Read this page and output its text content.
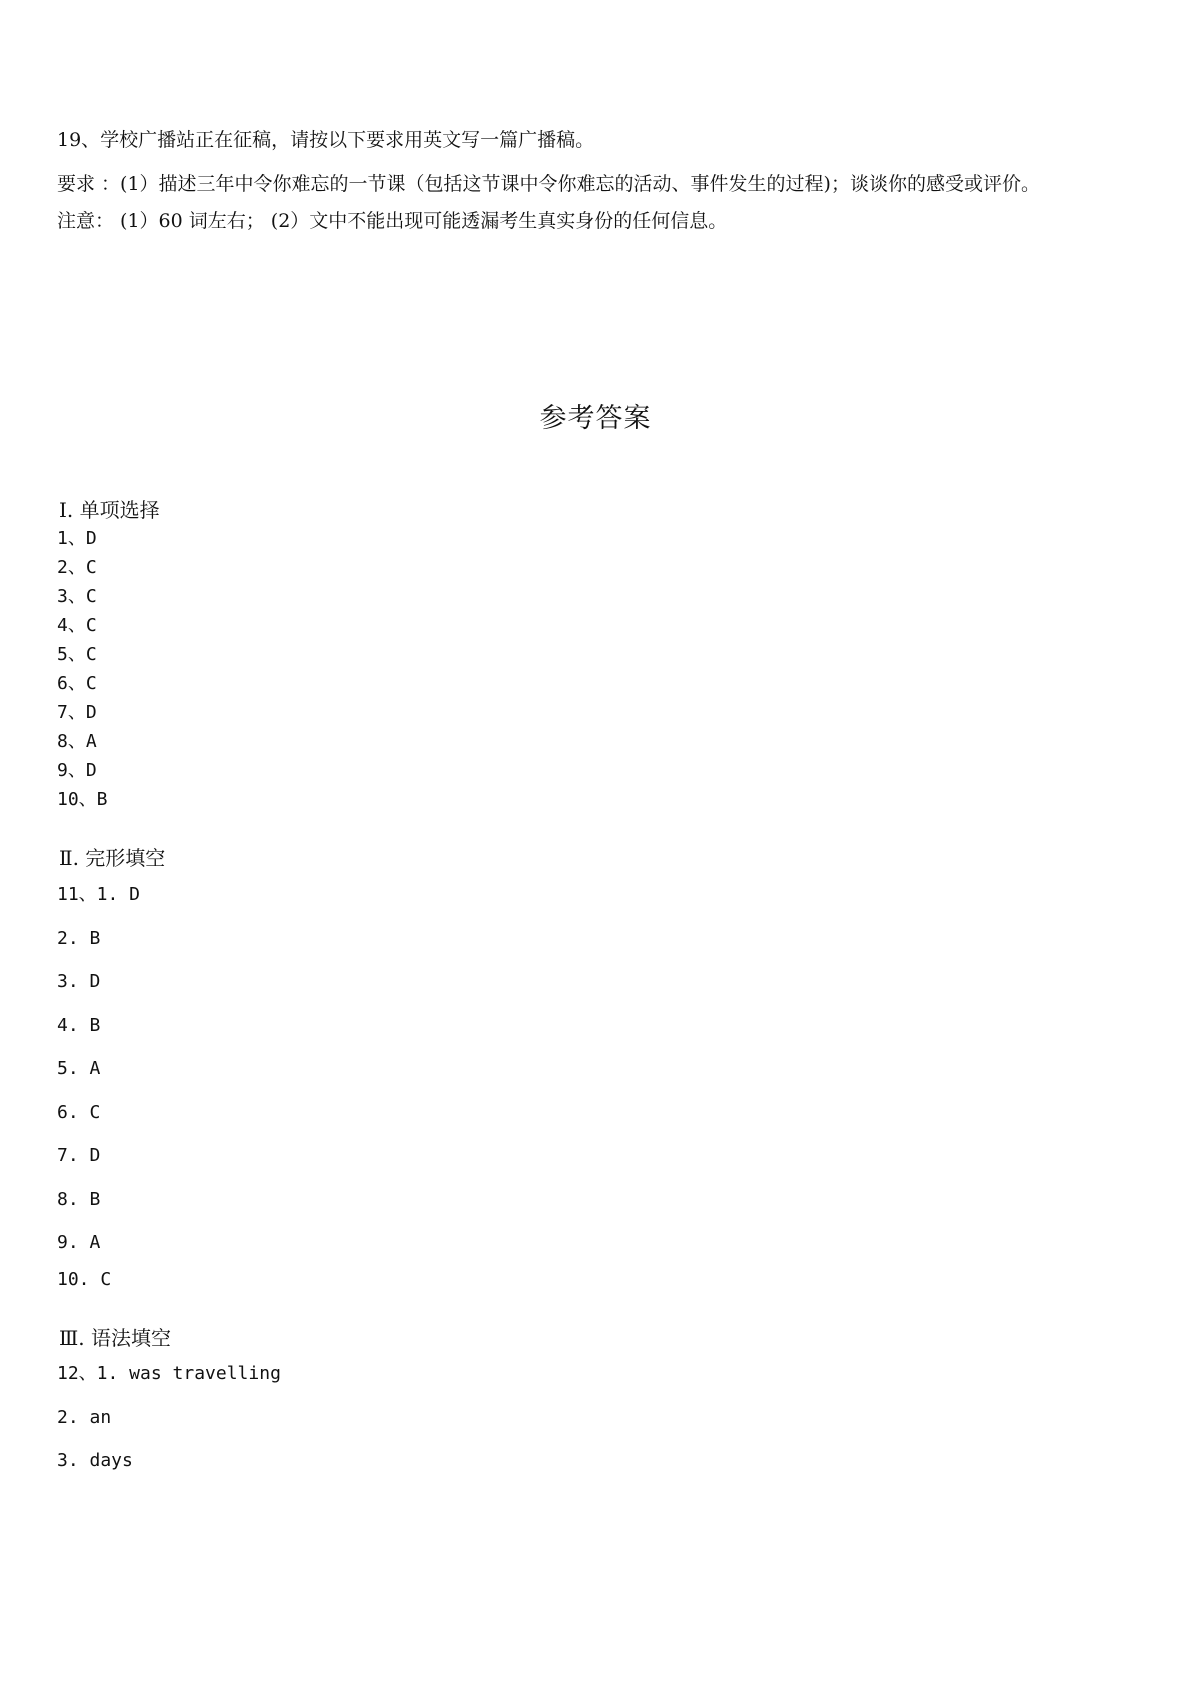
19、学校广播站正在征稿，请按以下要求用英文写一篇广播稿。
要求 ：(1）描述三年中令你难忘的一节课（包括这节课中令你难忘的活动、事件发生的过程)；谈谈你的感受或评价。
注意： (1）60 词左右； (2）文中不能出现可能透漏考生真实身份的任何信息。
参考答案
Ⅰ. 单项选择
1、D
2、C
3、C
4、C
5、C
6、C
7、D
8、A
9、D
10、B
Ⅱ. 完形填空
11、1. D
2. B
3. D
4. B
5. A
6. C
7. D
8. B
9. A
10. C
Ⅲ. 语法填空
12、1. was travelling
2. an
3. days
